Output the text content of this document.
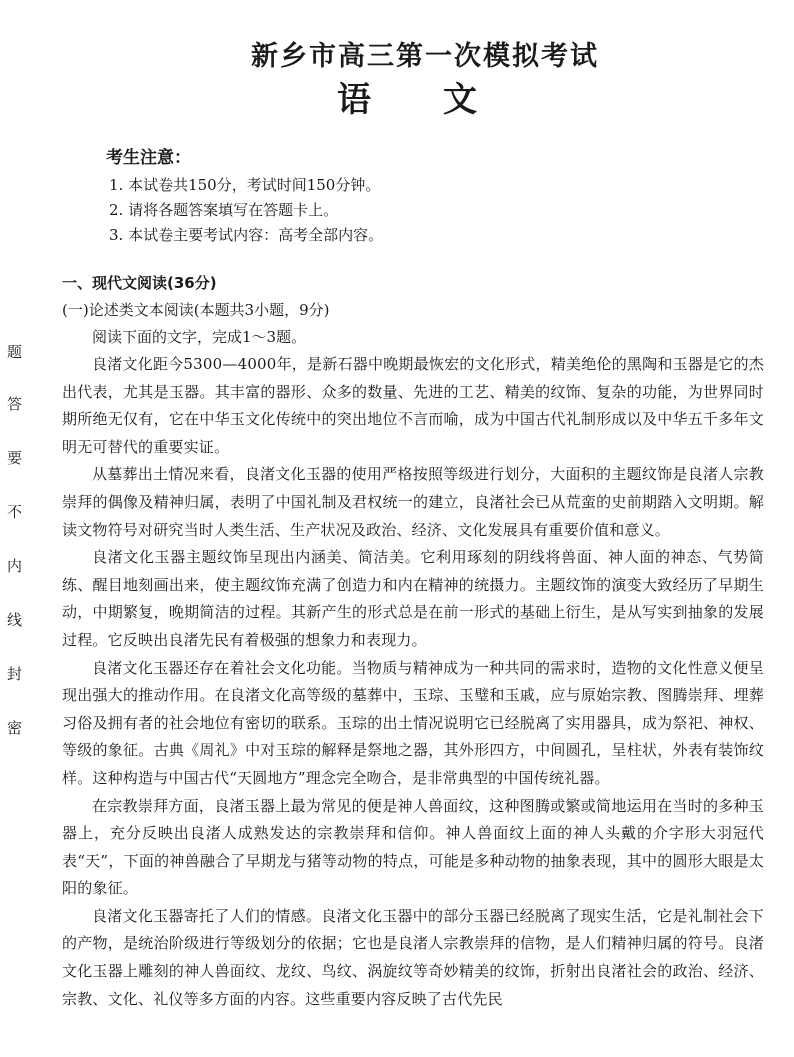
题
答
要
不
内
线
封
密
新乡市高三第一次模拟考试
语 文
考生注意：
1. 本试卷共150分，考试时间150分钟。
2. 请将各题答案填写在答题卡上。
3. 本试卷主要考试内容：高考全部内容。
一、现代文阅读(36分)
(一)论述类文本阅读(本题共3小题，9分)
阅读下面的文字，完成1～3题。

良渚文化距今5300—4000年，是新石器中晚期最恢宏的文化形式，精美绝伦的黑陶和玉器是它的杰出代表，尤其是玉器。其丰富的器形、众多的数量、先进的工艺、精美的纹饰、复杂的功能，为世界同时期所绝无仅有，它在中华玉文化传统中的突出地位不言而喻，成为中国古代礼制形成以及中华五千多年文明无可替代的重要实证。

从墓葬出土情况来看，良渚文化玉器的使用严格按照等级进行划分，大面积的主题纹饰是良渚人宗教崇拜的偶像及精神归属，表明了中国礼制及君权统一的建立，良渚社会已从荒蛮的史前期踏入文明期。解读文物符号对研究当时人类生活、生产状况及政治、经济、文化发展具有重要价值和意义。

良渚文化玉器主题纹饰呈现出内涵美、简洁美。它利用琢刻的阴线将兽面、神人面的神态、气势简练、醒目地刻画出来，使主题纹饰充满了创造力和内在精神的统摄力。主题纹饰的演变大致经历了早期生动，中期繁复，晚期简洁的过程。其新产生的形式总是在前一形式的基础上衍生，是从写实到抽象的发展过程。它反映出良渚先民有着极强的想象力和表现力。

良渚文化玉器还存在着社会文化功能。当物质与精神成为一种共同的需求时，造物的文化性意义便呈现出强大的推动作用。在良渚文化高等级的墓葬中，玉琮、玉璧和玉戚，应与原始宗教、图腾崇拜、埋葬习俗及拥有者的社会地位有密切的联系。玉琮的出土情况说明它已经脱离了实用器具，成为祭祀、神权、等级的象征。古典《周礼》中对玉琮的解释是祭地之器，其外形四方，中间圆孔，呈柱状，外表有装饰纹样。这种构造与中国古代“天圆地方”理念完全吻合，是非常典型的中国传统礼器。

在宗教崇拜方面，良渚玉器上最为常见的便是神人兽面纹，这种图腾或繁或简地运用在当时的多种玉器上，充分反映出良渚人成熟发达的宗教崇拜和信仰。神人兽面纹上面的神人头戴的介字形大羽冠代表“天”，下面的神兽融合了早期龙与猪等动物的特点，可能是多种动物的抽象表现，其中的圆形大眼是太阳的象征。

良渚文化玉器寄托了人们的情感。良渚文化玉器中的部分玉器已经脱离了现实生活，它是礼制社会下的产物，是统治阶级进行等级划分的依据；它也是良渚人宗教崇拜的信物，是人们精神归属的符号。良渚文化玉器上雕刻的神人兽面纹、龙纹、鸟纹、涡旋纹等奇妙精美的纹饰，折射出良渚社会的政治、经济、宗教、文化、礼仪等多方面的内容。这些重要内容反映了古代先民
